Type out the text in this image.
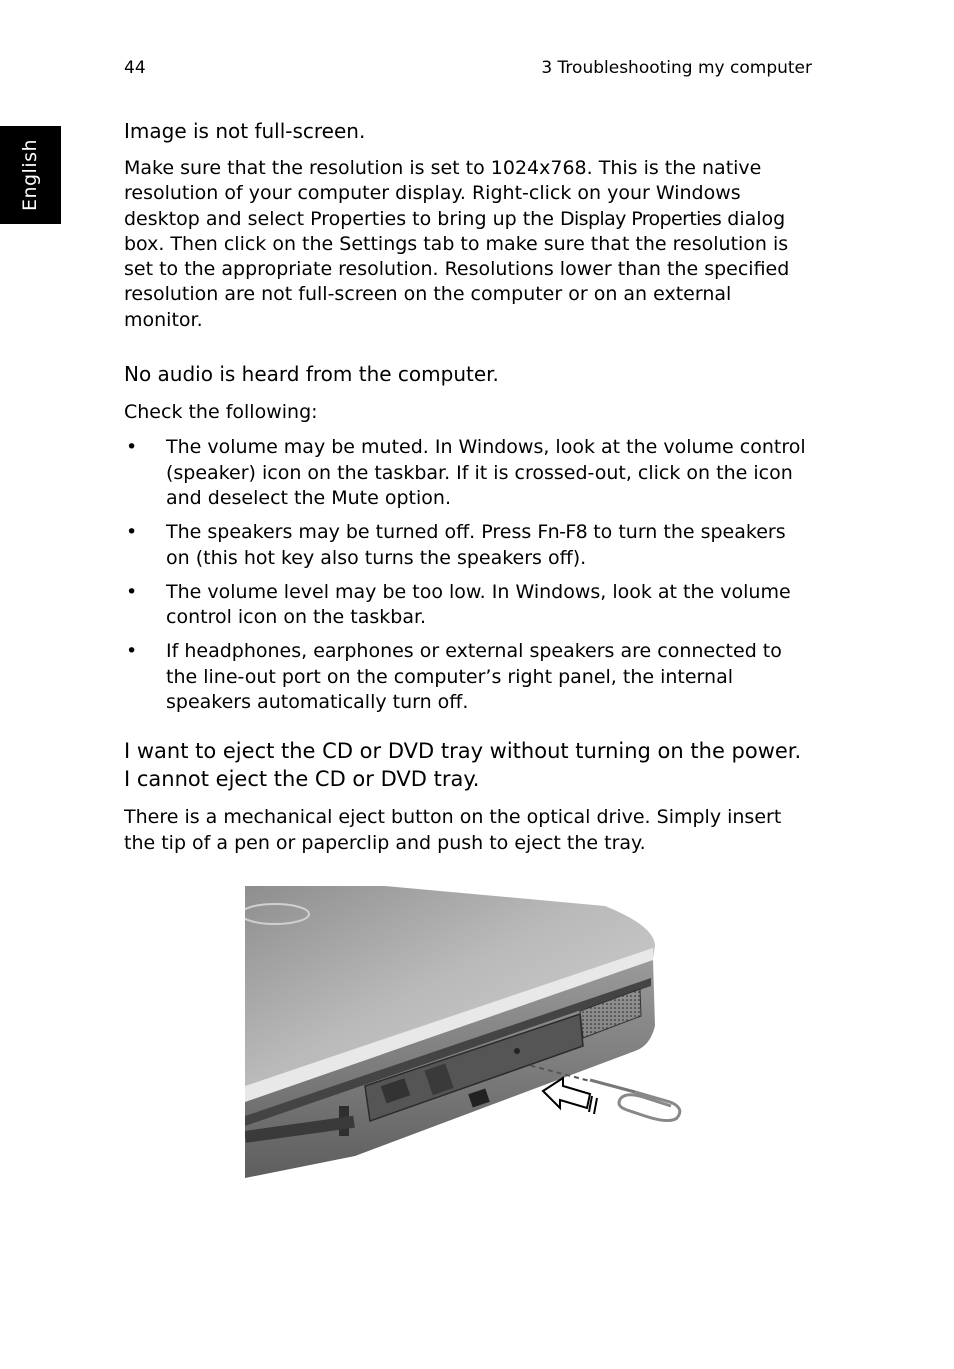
44	3 Troubleshooting my computer
English
Image is not full-screen.

Make sure that the resolution is set to 1024x768. This is the native resolution of your computer display. Right-click on your Windows desktop and select Properties to bring up the Display Properties dialog box. Then click on the Settings tab to make sure that the resolution is set to the appropriate resolution. Resolutions lower than the specified resolution are not full-screen on the computer or on an external monitor.

No audio is heard from the computer.

Check the following:

• The volume may be muted. In Windows, look at the volume control (speaker) icon on the taskbar. If it is crossed-out, click on the icon and deselect the Mute option.
• The speakers may be turned off. Press Fn-F8 to turn the speakers on (this hot key also turns the speakers off).
• The volume level may be too low. In Windows, look at the volume control icon on the taskbar.
• If headphones, earphones or external speakers are connected to the line-out port on the computer’s right panel, the internal speakers automatically turn off.
I want to eject the CD or DVD tray without turning on the power. I cannot eject the CD or DVD tray.

There is a mechanical eject button on the optical drive. Simply insert the tip of a pen or paperclip and push to eject the tray.
